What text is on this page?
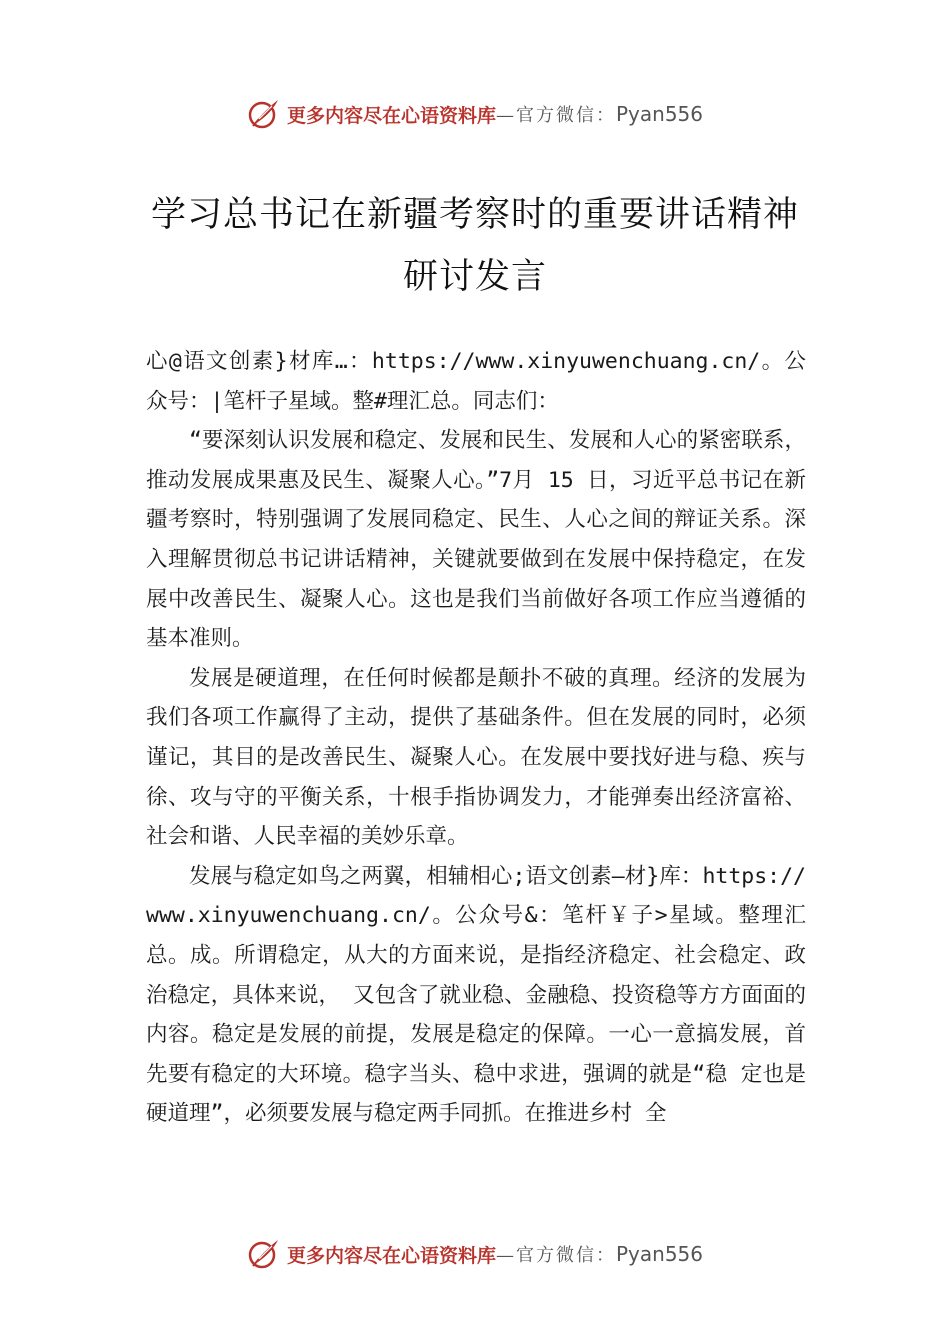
更多内容尽在心语资料库 —官方微信： Pyan556
学习总书记在新疆考察时的重要讲话精神
研讨发言

心@语文创素}材库…：https://www.xinyuwenchuang.cn/。公众号：|笔杆子星域。整#理汇总。同志们：

“要深刻认识发展和稳定、发展和民生、发展和人心的紧密联系，推动发展成果惠及民生、凝聚人心。”7月 15 日，习近平总书记在新疆考察时，特别强调了发展同稳定、民生、人心之间的辩证关系。深入理解贯彻总书记讲话精神，关键就要做到在发展中保持稳定，在发展中改善民生、凝聚人心。这也是我们当前做好各项工作应当遵循的基本准则。

发展是硬道理，在任何时候都是颠扑不破的真理。经济的发展为我们各项工作赢得了主动，提供了基础条件。但在发展的同时，必须谨记，其目的是改善民生、凝聚人心。在发展中要找好进与稳、疾与徐、攻与守的平衡关系，十根手指协调发力，才能弹奏出经济富裕、社会和谐、人民幸福的美妙乐章。

发展与稳定如鸟之两翼，相辅相心;语文创素—材}库：https://www.xinyuwenchuang.cn/。公众号&：笔杆￥子>星域。整理汇总。成。所谓稳定，从大的方面来说，是指经济稳定、社会稳定、政治稳定，具体来说， 又包含了就业稳、金融稳、投资稳等方方面面的内容。稳定是发展的前提，发展是稳定的保障。一心一意搞发展，首先要有稳定的大环境。稳字当头、稳中求进，强调的就是“稳 定也是硬道理”，必须要发展与稳定两手同抓。在推进乡村 全

更多内容尽在心语资料库 —官方微信： Pyan556
